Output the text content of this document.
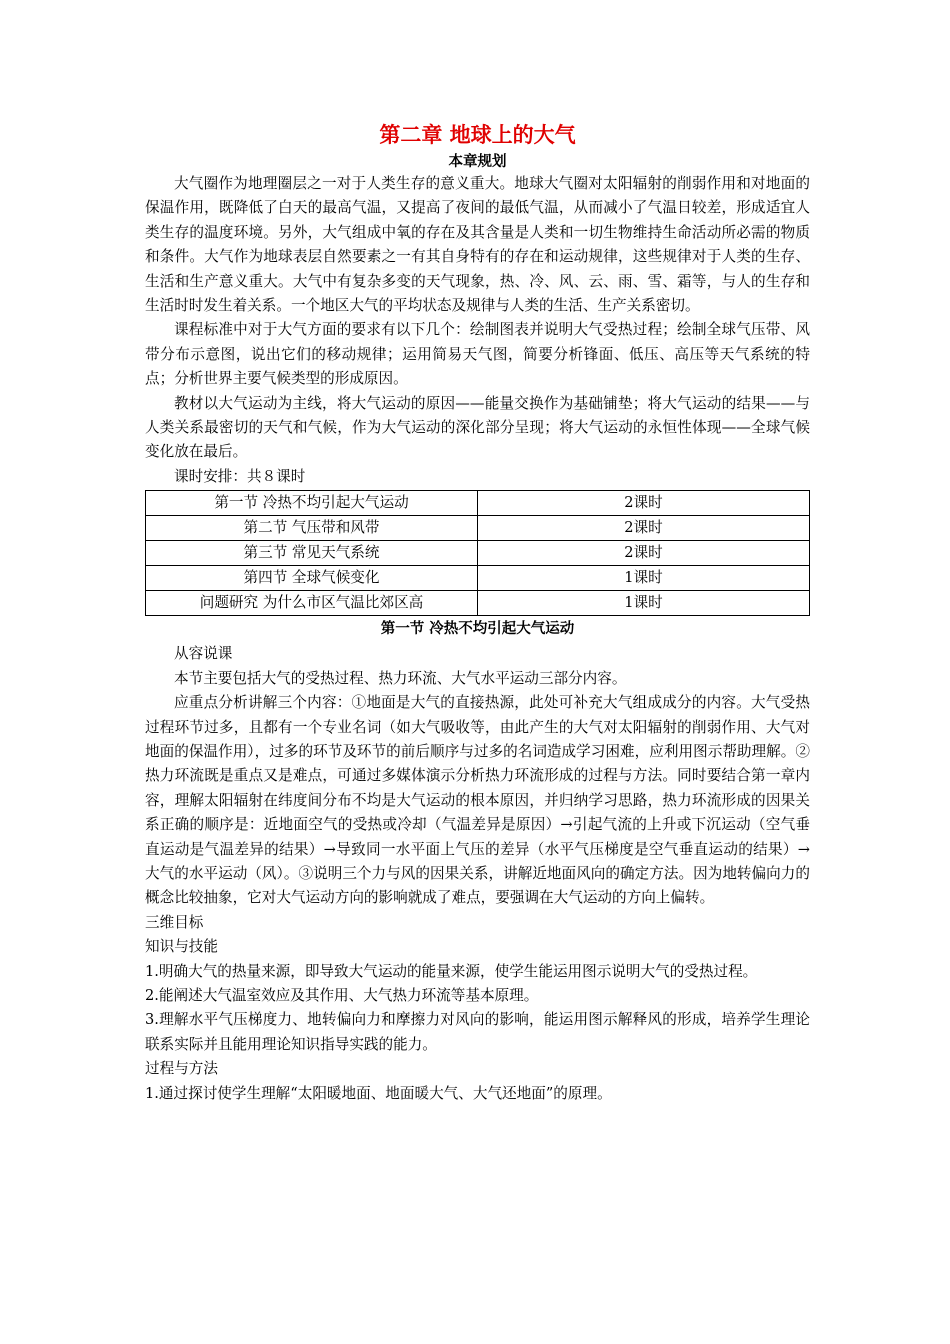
第二章 地球上的大气
本章规划

大气圈作为地理圈层之一对于人类生存的意义重大。地球大气圈对太阳辐射的削弱作用和对地面的保温作用，既降低了白天的最高气温，又提高了夜间的最低气温，从而减小了气温日较差，形成适宜人类生存的温度环境。另外，大气组成中氧的存在及其含量是人类和一切生物维持生命活动所必需的物质和条件。大气作为地球表层自然要素之一有其自身特有的存在和运动规律，这些规律对于人类的生存、生活和生产意义重大。大气中有复杂多变的天气现象，热、冷、风、云、雨、雪、霜等，与人的生存和生活时时发生着关系。一个地区大气的平均状态及规律与人类的生活、生产关系密切。

课程标准中对于大气方面的要求有以下几个：绘制图表并说明大气受热过程；绘制全球气压带、风带分布示意图，说出它们的移动规律；运用简易天气图，简要分析锋面、低压、高压等天气系统的特点；分析世界主要气候类型的形成原因。

教材以大气运动为主线，将大气运动的原因——能量交换作为基础铺垫；将大气运动的结果——与人类关系最密切的天气和气候，作为大气运动的深化部分呈现；将大气运动的永恒性体现——全球气候变化放在最后。

课时安排：共８课时

第一节 冷热不均引起大气运动	2课时
第二节 气压带和风带	2课时
第三节 常见天气系统	2课时
第四节 全球气候变化	1课时
问题研究 为什么市区气温比郊区高	1课时
第一节 冷热不均引起大气运动

从容说课

本节主要包括大气的受热过程、热力环流、大气水平运动三部分内容。

应重点分析讲解三个内容：①地面是大气的直接热源，此处可补充大气组成成分的内容。大气受热过程环节过多，且都有一个专业名词（如大气吸收等，由此产生的大气对太阳辐射的削弱作用、大气对地面的保温作用），过多的环节及环节的前后顺序与过多的名词造成学习困难，应利用图示帮助理解。②热力环流既是重点又是难点，可通过多媒体演示分析热力环流形成的过程与方法。同时要结合第一章内容，理解太阳辐射在纬度间分布不均是大气运动的根本原因，并归纳学习思路，热力环流形成的因果关系正确的顺序是：近地面空气的受热或冷却（气温差异是原因）→引起气流的上升或下沉运动（空气垂直运动是气温差异的结果）→导致同一水平面上气压的差异（水平气压梯度是空气垂直运动的结果）→大气的水平运动（风）。③说明三个力与风的因果关系，讲解近地面风向的确定方法。因为地转偏向力的概念比较抽象，它对大气运动方向的影响就成了难点，要强调在大气运动的方向上偏转。

三维目标

知识与技能

1.明确大气的热量来源，即导致大气运动的能量来源，使学生能运用图示说明大气的受热过程。

2.能阐述大气温室效应及其作用、大气热力环流等基本原理。

3.理解水平气压梯度力、地转偏向力和摩擦力对风向的影响，能运用图示解释风的形成，培养学生理论联系实际并且能用理论知识指导实践的能力。

过程与方法

1.通过探讨使学生理解“太阳暖地面、地面暖大气、大气还地面”的原理。
